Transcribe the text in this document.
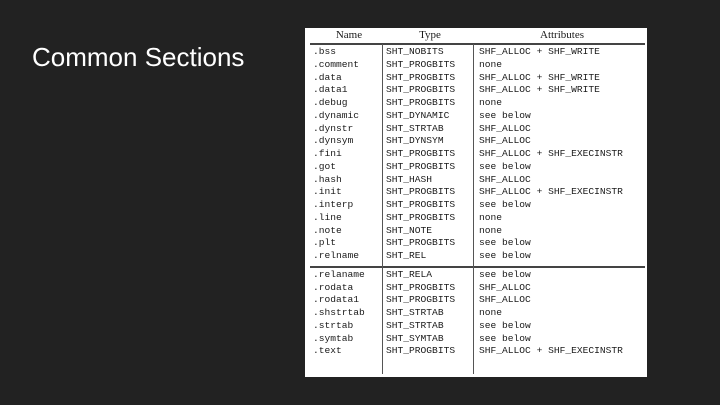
Common Sections
Name	Type	Attributes
.bss	SHT_NOBITS	SHF_ALLOC + SHF_WRITE
.comment	SHT_PROGBITS	none
.data	SHT_PROGBITS	SHF_ALLOC + SHF_WRITE
.data1	SHT_PROGBITS	SHF_ALLOC + SHF_WRITE
.debug	SHT_PROGBITS	none
.dynamic	SHT_DYNAMIC	see below
.dynstr	SHT_STRTAB	SHF_ALLOC
.dynsym	SHT_DYNSYM	SHF_ALLOC
.fini	SHT_PROGBITS	SHF_ALLOC + SHF_EXECINSTR
.got	SHT_PROGBITS	see below
.hash	SHT_HASH	SHF_ALLOC
.init	SHT_PROGBITS	SHF_ALLOC + SHF_EXECINSTR
.interp	SHT_PROGBITS	see below
.line	SHT_PROGBITS	none
.note	SHT_NOTE	none
.plt	SHT_PROGBITS	see below
.relname	SHT_REL	see below
.relaname	SHT_RELA	see below
.rodata	SHT_PROGBITS	SHF_ALLOC
.rodata1	SHT_PROGBITS	SHF_ALLOC
.shstrtab	SHT_STRTAB	none
.strtab	SHT_STRTAB	see below
.symtab	SHT_SYMTAB	see below
.text	SHT_PROGBITS	SHF_ALLOC + SHF_EXECINSTR
